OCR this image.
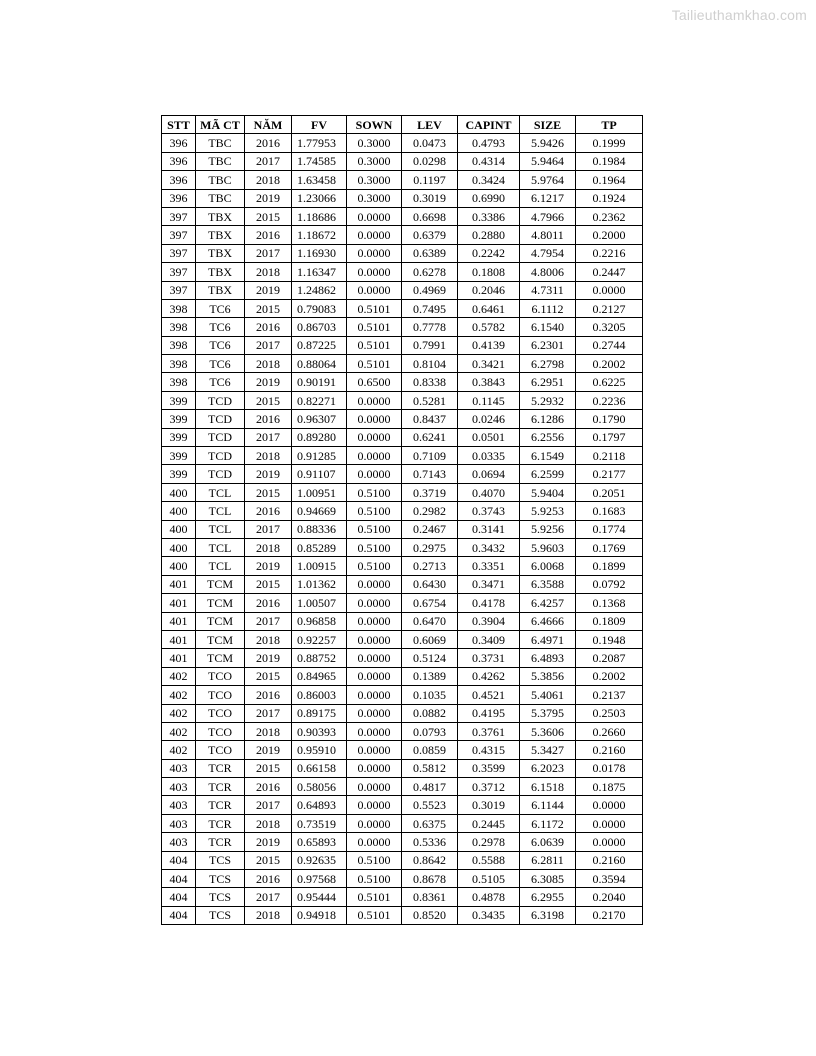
Tailieuthamkhao.com
STT	MÃ CT	NĂM	FV	SOWN	LEV	CAPINT	SIZE	TP
396	TBC	2016	1.77953	0.3000	0.0473	0.4793	5.9426	0.1999
396	TBC	2017	1.74585	0.3000	0.0298	0.4314	5.9464	0.1984
396	TBC	2018	1.63458	0.3000	0.1197	0.3424	5.9764	0.1964
396	TBC	2019	1.23066	0.3000	0.3019	0.6990	6.1217	0.1924
397	TBX	2015	1.18686	0.0000	0.6698	0.3386	4.7966	0.2362
397	TBX	2016	1.18672	0.0000	0.6379	0.2880	4.8011	0.2000
397	TBX	2017	1.16930	0.0000	0.6389	0.2242	4.7954	0.2216
397	TBX	2018	1.16347	0.0000	0.6278	0.1808	4.8006	0.2447
397	TBX	2019	1.24862	0.0000	0.4969	0.2046	4.7311	0.0000
398	TC6	2015	0.79083	0.5101	0.7495	0.6461	6.1112	0.2127
398	TC6	2016	0.86703	0.5101	0.7778	0.5782	6.1540	0.3205
398	TC6	2017	0.87225	0.5101	0.7991	0.4139	6.2301	0.2744
398	TC6	2018	0.88064	0.5101	0.8104	0.3421	6.2798	0.2002
398	TC6	2019	0.90191	0.6500	0.8338	0.3843	6.2951	0.6225
399	TCD	2015	0.82271	0.0000	0.5281	0.1145	5.2932	0.2236
399	TCD	2016	0.96307	0.0000	0.8437	0.0246	6.1286	0.1790
399	TCD	2017	0.89280	0.0000	0.6241	0.0501	6.2556	0.1797
399	TCD	2018	0.91285	0.0000	0.7109	0.0335	6.1549	0.2118
399	TCD	2019	0.91107	0.0000	0.7143	0.0694	6.2599	0.2177
400	TCL	2015	1.00951	0.5100	0.3719	0.4070	5.9404	0.2051
400	TCL	2016	0.94669	0.5100	0.2982	0.3743	5.9253	0.1683
400	TCL	2017	0.88336	0.5100	0.2467	0.3141	5.9256	0.1774
400	TCL	2018	0.85289	0.5100	0.2975	0.3432	5.9603	0.1769
400	TCL	2019	1.00915	0.5100	0.2713	0.3351	6.0068	0.1899
401	TCM	2015	1.01362	0.0000	0.6430	0.3471	6.3588	0.0792
401	TCM	2016	1.00507	0.0000	0.6754	0.4178	6.4257	0.1368
401	TCM	2017	0.96858	0.0000	0.6470	0.3904	6.4666	0.1809
401	TCM	2018	0.92257	0.0000	0.6069	0.3409	6.4971	0.1948
401	TCM	2019	0.88752	0.0000	0.5124	0.3731	6.4893	0.2087
402	TCO	2015	0.84965	0.0000	0.1389	0.4262	5.3856	0.2002
402	TCO	2016	0.86003	0.0000	0.1035	0.4521	5.4061	0.2137
402	TCO	2017	0.89175	0.0000	0.0882	0.4195	5.3795	0.2503
402	TCO	2018	0.90393	0.0000	0.0793	0.3761	5.3606	0.2660
402	TCO	2019	0.95910	0.0000	0.0859	0.4315	5.3427	0.2160
403	TCR	2015	0.66158	0.0000	0.5812	0.3599	6.2023	0.0178
403	TCR	2016	0.58056	0.0000	0.4817	0.3712	6.1518	0.1875
403	TCR	2017	0.64893	0.0000	0.5523	0.3019	6.1144	0.0000
403	TCR	2018	0.73519	0.0000	0.6375	0.2445	6.1172	0.0000
403	TCR	2019	0.65893	0.0000	0.5336	0.2978	6.0639	0.0000
404	TCS	2015	0.92635	0.5100	0.8642	0.5588	6.2811	0.2160
404	TCS	2016	0.97568	0.5100	0.8678	0.5105	6.3085	0.3594
404	TCS	2017	0.95444	0.5101	0.8361	0.4878	6.2955	0.2040
404	TCS	2018	0.94918	0.5101	0.8520	0.3435	6.3198	0.2170
